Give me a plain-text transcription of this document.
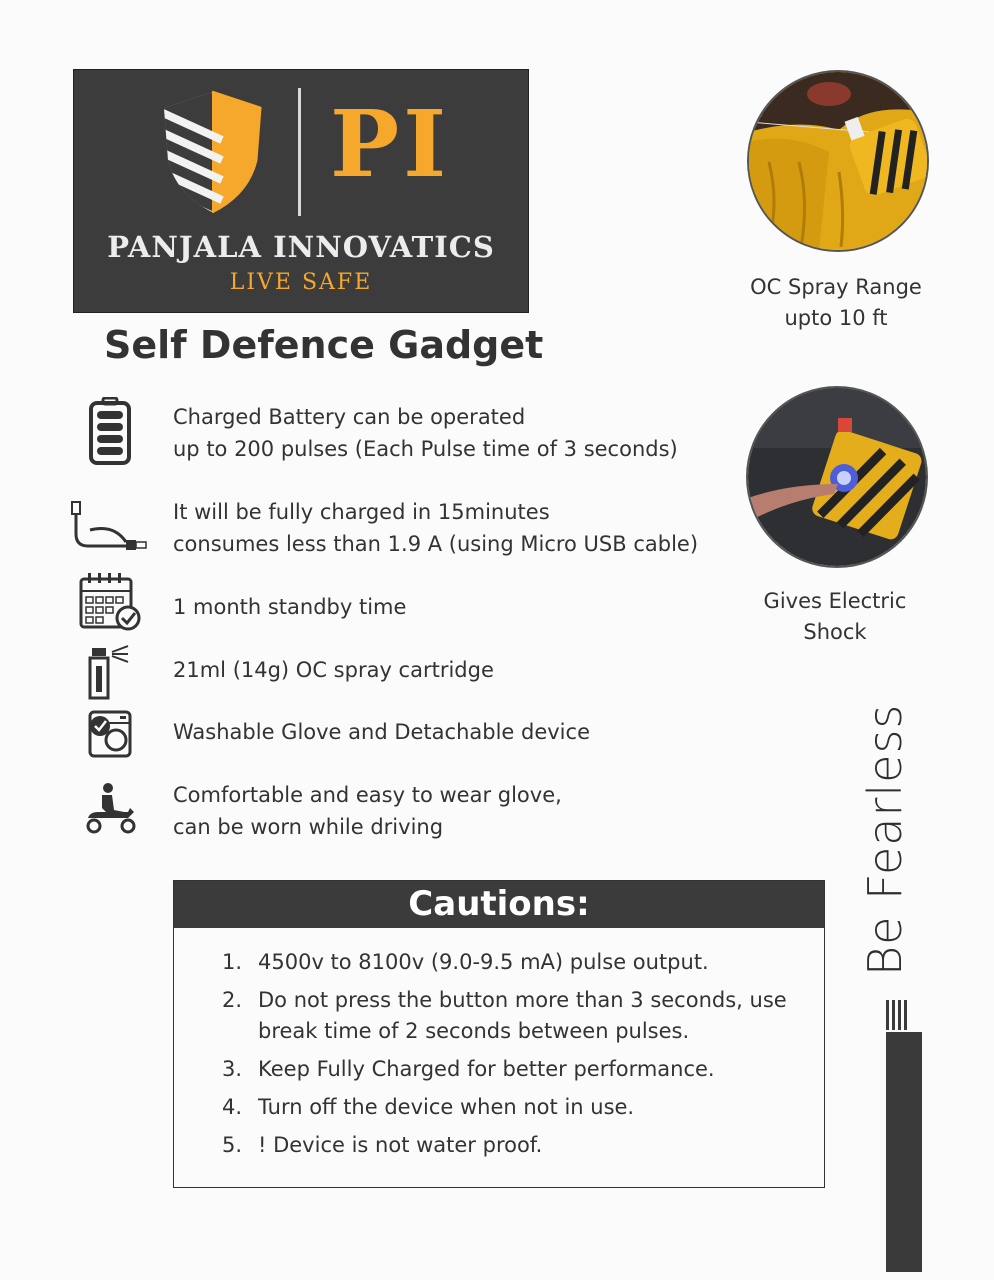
PI
PANJALA INNOVATICS
LIVE SAFE
Self Defence Gadget
Charged Battery can be operated
up to 200 pulses (Each Pulse time of 3 seconds)
It will be fully charged in 15minutes
consumes less than 1.9 A (using Micro USB cable)
1 month standby time
21ml (14g) OC spray cartridge
Washable Glove and Detachable device
Comfortable and easy to wear glove,
can be worn while driving
OC Spray Range
upto 10 ft
Gives Electric
Shock
Cautions:
1. 4500v to 8100v (9.0-9.5 mA) pulse output.
2. Do not press the button more than 3 seconds, use break time of 2 seconds between pulses.
3. Keep Fully Charged for better performance.
4. Turn off the device when not in use.
5. ! Device is not water proof.
Be Fearless
